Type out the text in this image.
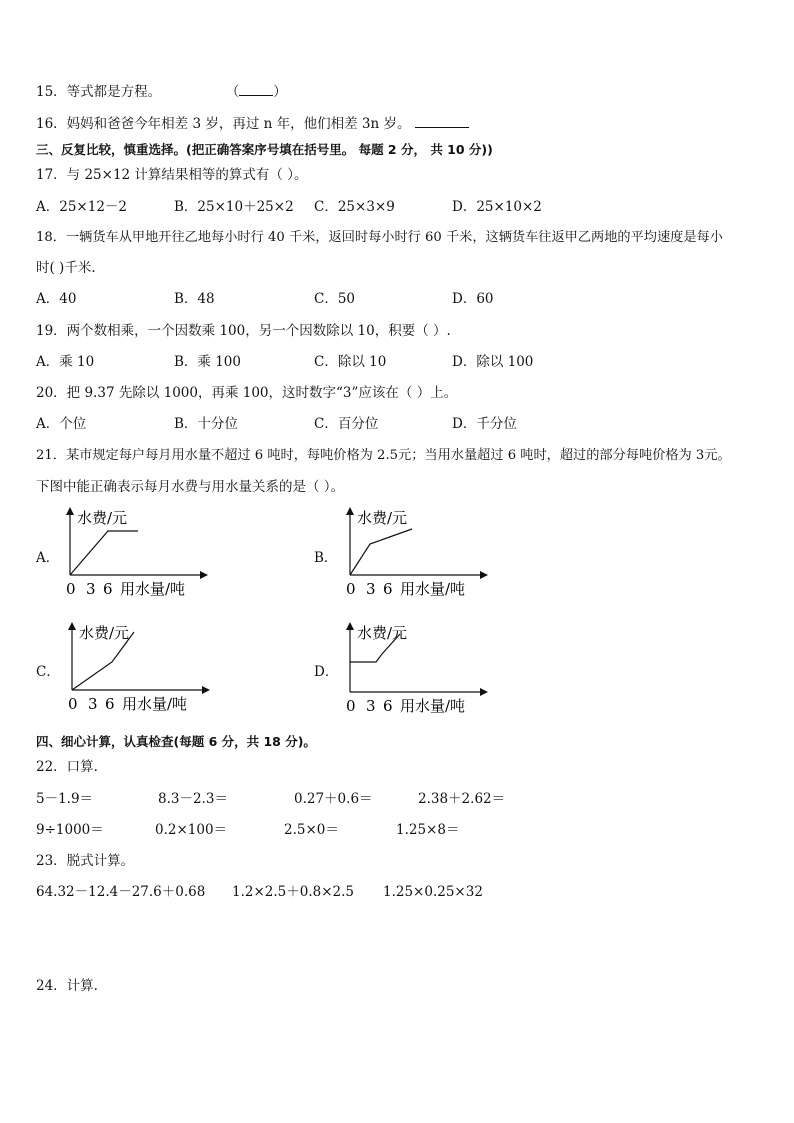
15．等式都是方程。	（	）
16．妈妈和爸爸今年相差 3 岁，再过 n 年，他们相差 3n 岁。
三、反复比较，慎重选择。(把正确答案序号填在括号里。 每题 2 分， 共 10 分))
17．与 25×12 计算结果相等的算式有（ ）。
A．25×12－2	B．25×10＋25×2 C．25×3×9	D．25×10×2
18．一辆货车从甲地开往乙地每小时行 40 千米，返回时每小时行 60 千米，这辆货车往返甲乙两地的平均速度是每小
时( )千米.
A．40	B．48	C．50	D．60
19．两个数相乘，一个因数乘 100，另一个因数除以 10，积要（ ）.
A．乘 10	B．乘 100	C．除以 10	D．除以 100
20．把 9.37 先除以 1000，再乘 100，这时数字“3”应该在（ ）上。
A．个位	B．十分位	C．百分位	D．千分位
21．某市规定每户每月用水量不超过 6 吨时，每吨价格为 2.5元；当用水量超过 6 吨时，超过的部分每吨价格为 3元。
下图中能正确表示每月水费与用水量关系的是（ ）。
A．
水费/元
0 3 6 用水量/吨
B．
水费/元
0 3 6 用水量/吨
C．
水费/元
0 3 6 用水量/吨
D．
水费/元
0 3 6 用水量/吨
四、细心计算，认真检查(每题 6 分，共 18 分)。
22．口算.
5－1.9＝	8.3－2.3＝	0.27＋0.6＝	2.38＋2.62＝
9÷1000＝	0.2×100＝	2.5×0＝	1.25×8＝
23．脱式计算。
64.32－12.4－27.6＋0.68 1.2×2.5＋0.8×2.5 1.25×0.25×32
24．计算.
